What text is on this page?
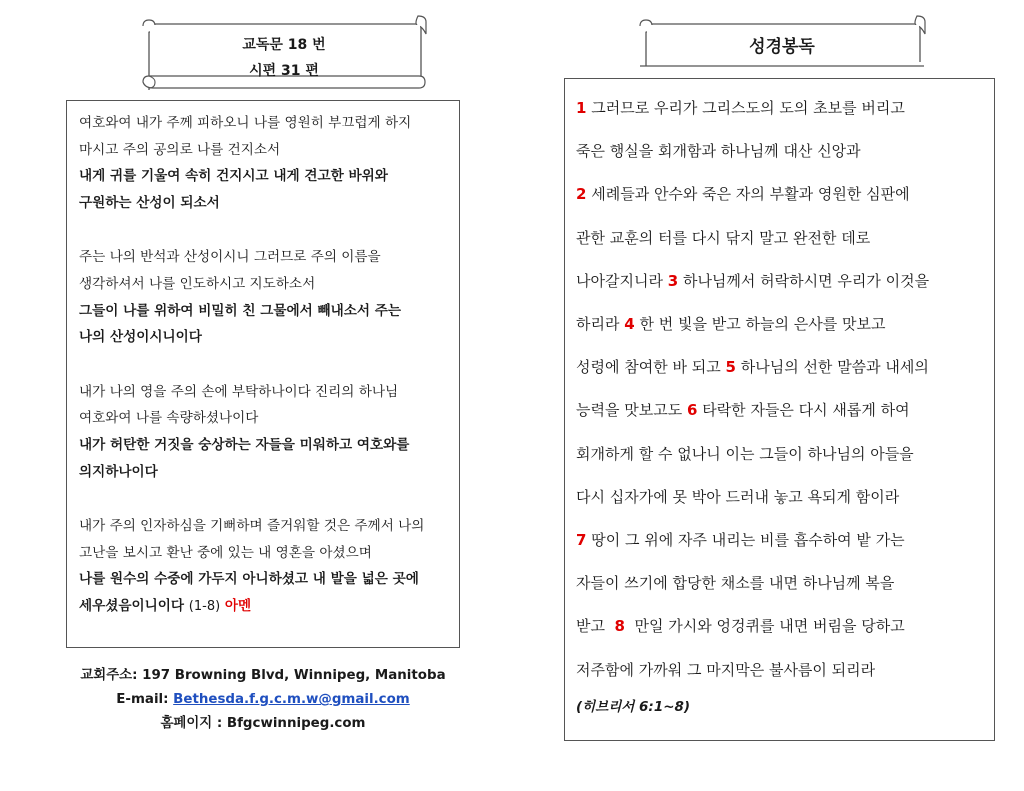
교독문 18 번
시편 31 편
성경봉독
여호와여 내가 주께 피하오니 나를 영원히 부끄럽게 하지
마시고 주의 공의로 나를 건지소서
내게 귀를 기울여 속히 건지시고 내게 견고한 바위와
구원하는 산성이 되소서
주는 나의 반석과 산성이시니 그러므로 주의 이름을
생각하셔서 나를 인도하시고 지도하소서
그들이 나를 위하여 비밀히 친 그물에서 빼내소서 주는
나의 산성이시니이다
내가 나의 영을 주의 손에 부탁하나이다 진리의 하나님
여호와여 나를 속량하셨나이다
내가 허탄한 거짓을 숭상하는 자들을 미워하고 여호와를
의지하나이다
내가 주의 인자하심을 기뻐하며 즐거워할 것은 주께서 나의
고난을 보시고 환난 중에 있는 내 영혼을 아셨으며
나를 원수의 수중에 가두지 아니하셨고 내 발을 넓은 곳에
세우셨음이니이다 (1-8) 아멘
교회주소: 197 Browning Blvd, Winnipeg, Manitoba
E-mail: Bethesda.f.g.c.m.w@gmail.com
홈페이지 : Bfgcwinnipeg.com
1 그러므로 우리가 그리스도의 도의 초보를 버리고
죽은 행실을 회개함과 하나님께 대산 신앙과
2 세례들과 안수와 죽은 자의 부활과 영원한 심판에
관한 교훈의 터를 다시 닦지 말고 완전한 데로
나아갈지니라 3 하나님께서 허락하시면 우리가 이것을
하리라 4 한 번 빛을 받고 하늘의 은사를 맛보고
성령에 참여한 바 되고 5 하나님의 선한 말씀과 내세의
능력을 맛보고도 6 타락한 자들은 다시 새롭게 하여
회개하게 할 수 없나니 이는 그들이 하나님의 아들을
다시 십자가에 못 박아 드러내 놓고 욕되게 함이라
7 땅이 그 위에 자주 내리는 비를 흡수하여 밭 가는
자들이 쓰기에 합당한 채소를 내면 하나님께 복을
받고 8 만일 가시와 엉겅퀴를 내면 버림을 당하고
저주함에 가까워 그 마지막은 불사름이 되리라
(히브리서 6:1~8)
